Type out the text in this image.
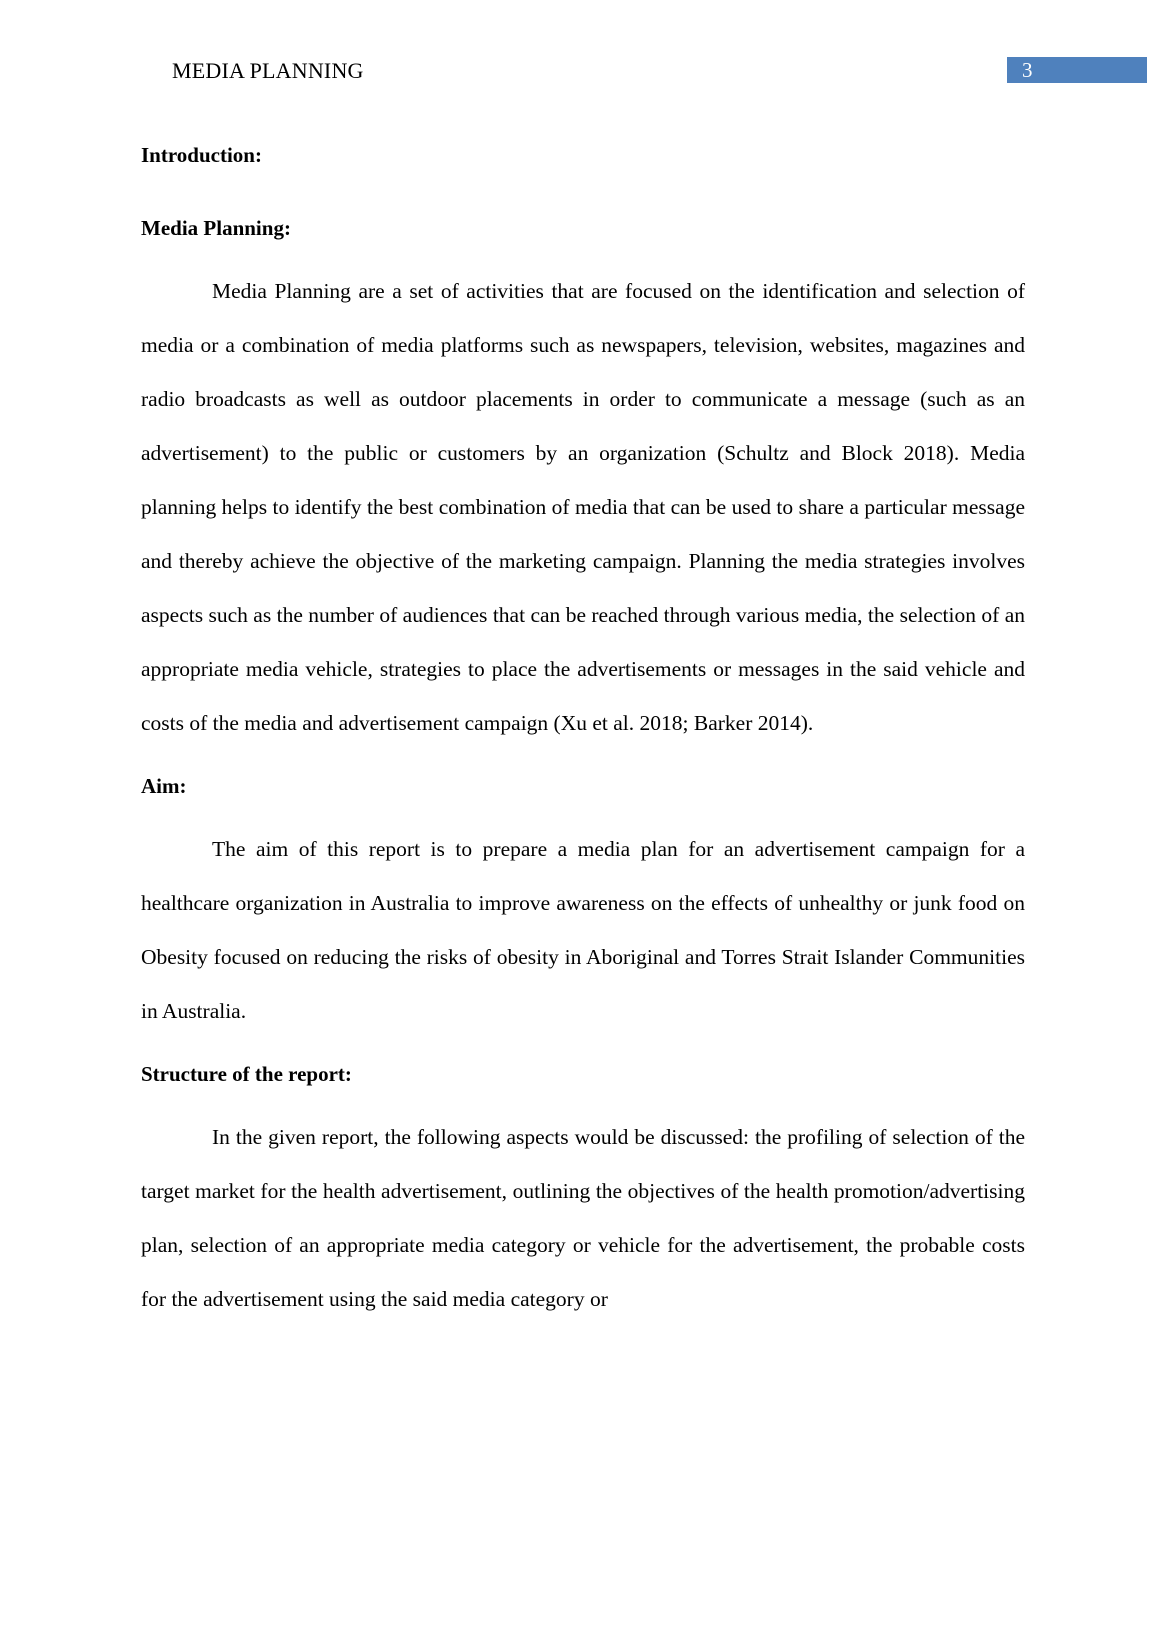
MEDIA PLANNING	3

Introduction:

Media Planning:

Media Planning are a set of activities that are focused on the identification and selection of media or a combination of media platforms such as newspapers, television, websites, magazines and radio broadcasts as well as outdoor placements in order to communicate a message (such as an advertisement) to the public or customers by an organization (Schultz and Block 2018). Media planning helps to identify the best combination of media that can be used to share a particular message and thereby achieve the objective of the marketing campaign. Planning the media strategies involves aspects such as the number of audiences that can be reached through various media, the selection of an appropriate media vehicle, strategies to place the advertisements or messages in the said vehicle and costs of the media and advertisement campaign (Xu et al. 2018; Barker 2014).

Aim:

The aim of this report is to prepare a media plan for an advertisement campaign for a healthcare organization in Australia to improve awareness on the effects of unhealthy or junk food on Obesity focused on reducing the risks of obesity in Aboriginal and Torres Strait Islander Communities in Australia.

Structure of the report:

In the given report, the following aspects would be discussed: the profiling of selection of the target market for the health advertisement, outlining the objectives of the health promotion/advertising plan, selection of an appropriate media category or vehicle for the advertisement, the probable costs for the advertisement using the said media category or
